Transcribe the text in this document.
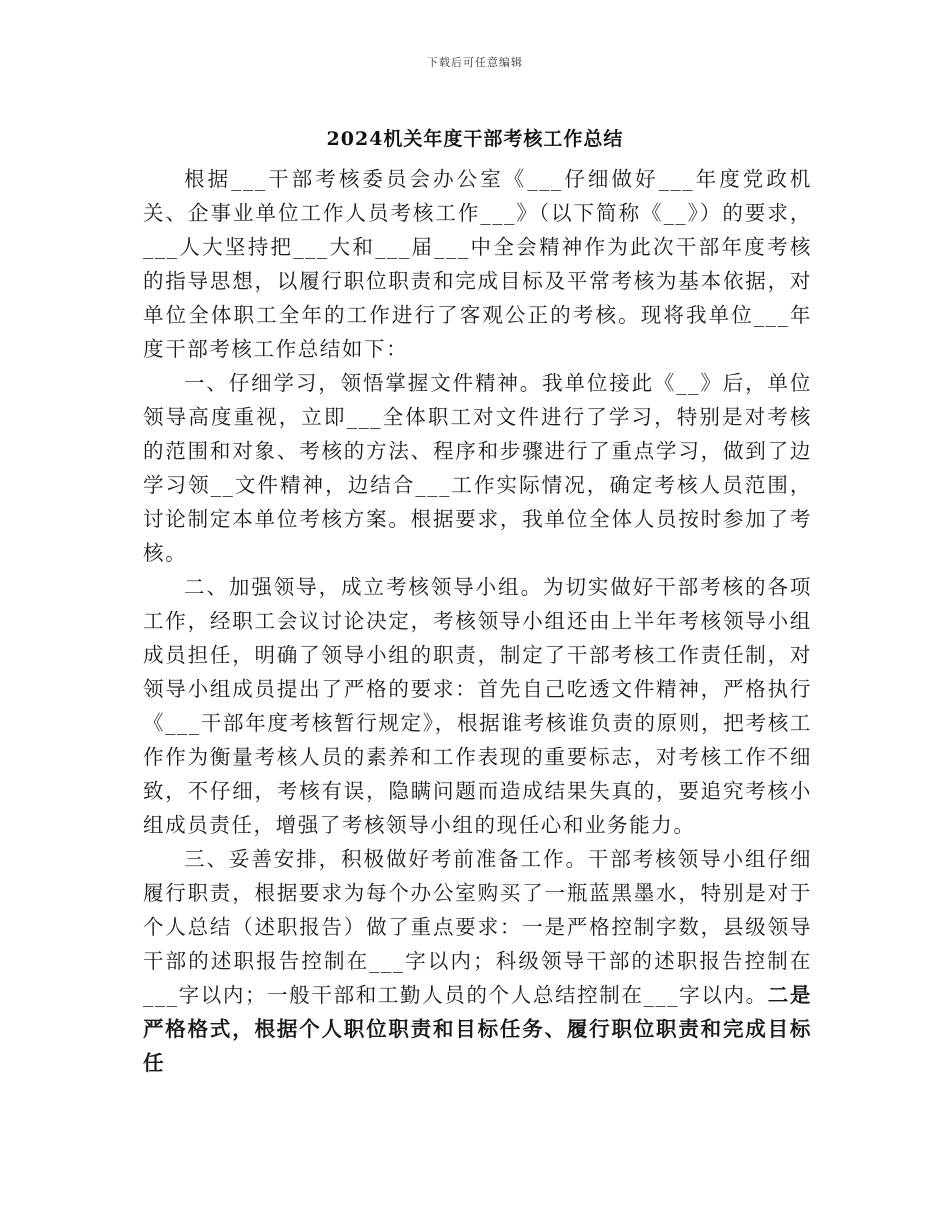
下载后可任意编辑
2024机关年度干部考核工作总结

根据___干部考核委员会办公室《___仔细做好___年度党政机关、企事业单位工作人员考核工作___》（以下简称《__》）的要求，___人大坚持把___大和___届___中全会精神作为此次干部年度考核的指导思想，以履行职位职责和完成目标及平常考核为基本依据，对单位全体职工全年的工作进行了客观公正的考核。现将我单位___年度干部考核工作总结如下：

一、仔细学习，领悟掌握文件精神。我单位接此《__》后，单位领导高度重视，立即___全体职工对文件进行了学习，特别是对考核的范围和对象、考核的方法、程序和步骤进行了重点学习，做到了边学习领__文件精神，边结合___工作实际情况，确定考核人员范围，讨论制定本单位考核方案。根据要求，我单位全体人员按时参加了考核。

二、加强领导，成立考核领导小组。为切实做好干部考核的各项工作，经职工会议讨论决定，考核领导小组还由上半年考核领导小组成员担任，明确了领导小组的职责，制定了干部考核工作责任制，对领导小组成员提出了严格的要求：首先自己吃透文件精神，严格执行《___干部年度考核暂行规定》，根据谁考核谁负责的原则，把考核工作作为衡量考核人员的素养和工作表现的重要标志，对考核工作不细致，不仔细，考核有误，隐瞒问题而造成结果失真的，要追究考核小组成员责任，增强了考核领导小组的现任心和业务能力。

三、妥善安排，积极做好考前准备工作。干部考核领导小组仔细履行职责，根据要求为每个办公室购买了一瓶蓝黑墨水，特别是对于个人总结（述职报告）做了重点要求：一是严格控制字数，县级领导干部的述职报告控制在___字以内；科级领导干部的述职报告控制在___字以内；一般干部和工勤人员的个人总结控制在___字以内。二是严格格式，根据个人职位职责和目标任务、履行职位职责和完成目标任
